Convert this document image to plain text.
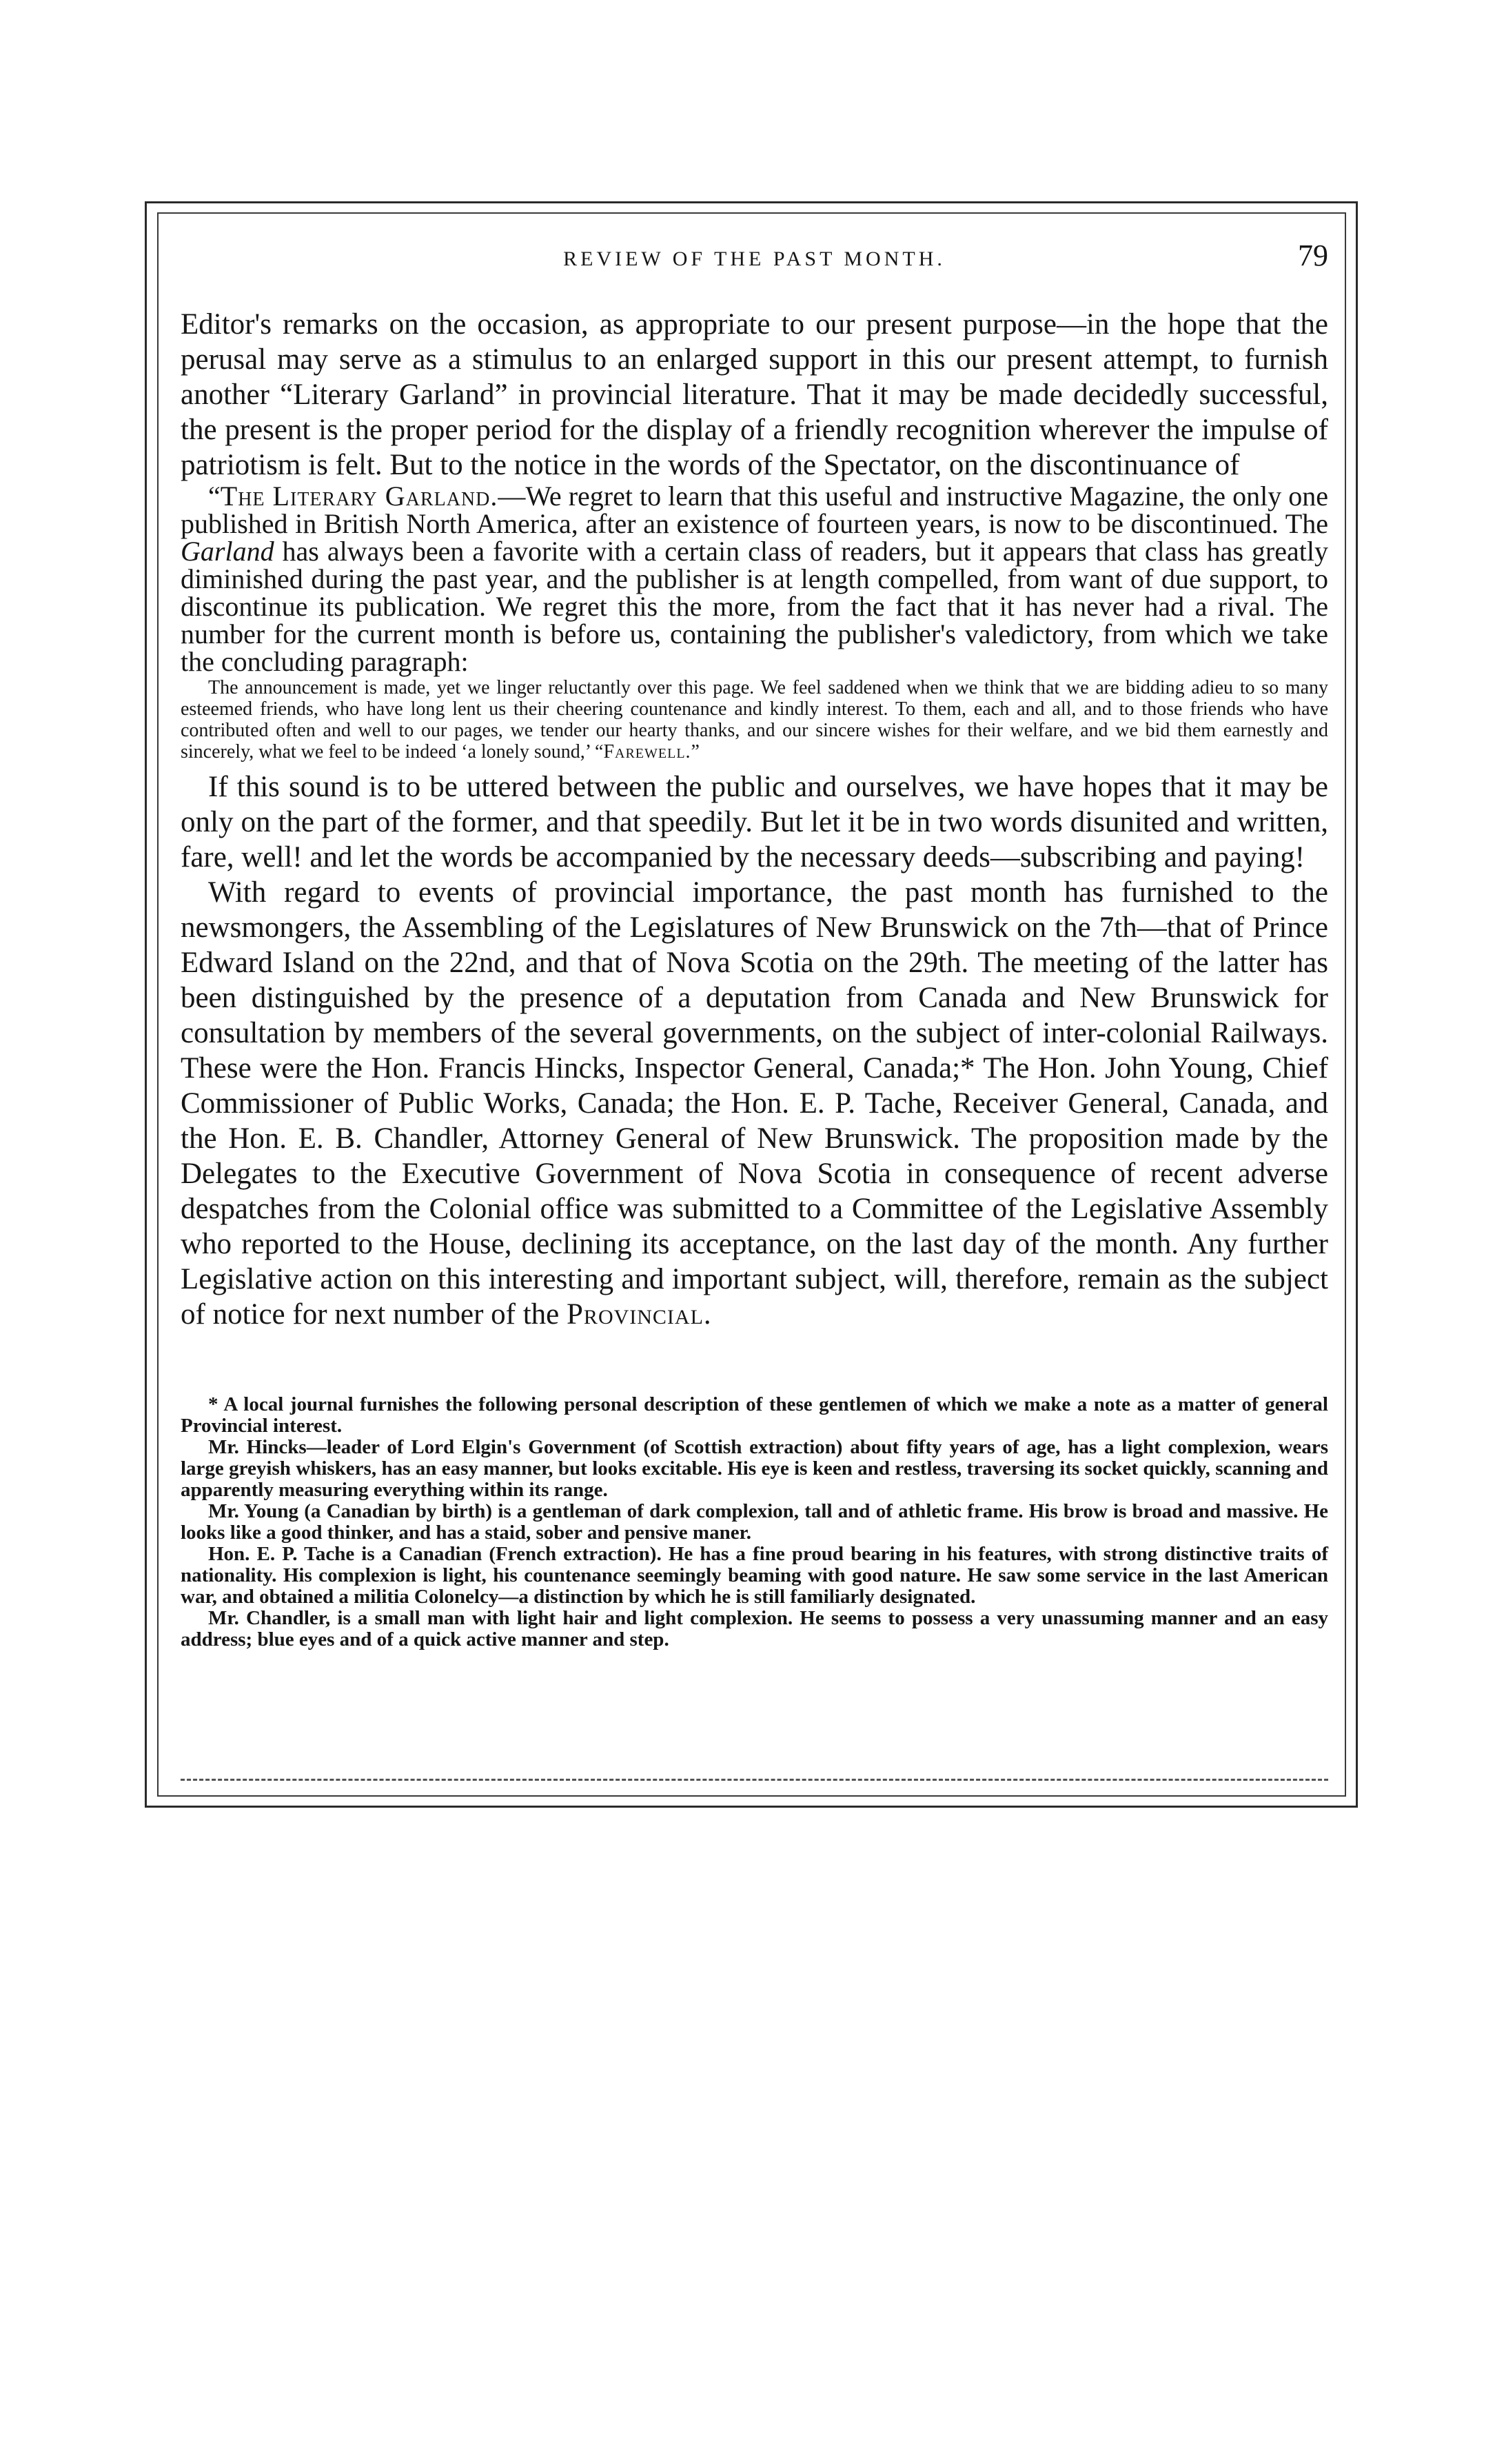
REVIEW OF THE PAST MONTH.	79

Editor's remarks on the occasion, as appropriate to our present purpose—in the hope that the perusal may serve as a stimulus to an enlarged support in this our present attempt, to furnish another “Literary Garland” in provincial literature. That it may be made decidedly successful, the present is the proper period for the display of a friendly recognition wherever the impulse of patriotism is felt. But to the notice in the words of the Spectator, on the discontinuance of

“The Literary Garland.—We regret to learn that this useful and instructive Magazine, the only one published in British North America, after an existence of fourteen years, is now to be discontinued. The Garland has always been a favorite with a certain class of readers, but it appears that class has greatly diminished during the past year, and the publisher is at length compelled, from want of due support, to discontinue its publication. We regret this the more, from the fact that it has never had a rival. The number for the current month is before us, containing the publisher's valedictory, from which we take the concluding paragraph:

The announcement is made, yet we linger reluctantly over this page. We feel saddened when we think that we are bidding adieu to so many esteemed friends, who have long lent us their cheering countenance and kindly interest. To them, each and all, and to those friends who have contributed often and well to our pages, we tender our hearty thanks, and our sincere wishes for their welfare, and we bid them earnestly and sincerely, what we feel to be indeed ‘a lonely sound,’ “Farewell.”

If this sound is to be uttered between the public and ourselves, we have hopes that it may be only on the part of the former, and that speedily. But let it be in two words disunited and written, fare, well! and let the words be accompanied by the necessary deeds—subscribing and paying!

With regard to events of provincial importance, the past month has furnished to the newsmongers, the Assembling of the Legislatures of New Brunswick on the 7th—that of Prince Edward Island on the 22nd, and that of Nova Scotia on the 29th. The meeting of the latter has been distinguished by the presence of a deputation from Canada and New Brunswick for consultation by members of the several governments, on the subject of inter-colonial Railways. These were the Hon. Francis Hincks, Inspector General, Canada;* The Hon. John Young, Chief Commissioner of Public Works, Canada; the Hon. E. P. Tache, Receiver General, Canada, and the Hon. E. B. Chandler, Attorney General of New Brunswick. The proposition made by the Delegates to the Executive Government of Nova Scotia in consequence of recent adverse despatches from the Colonial office was submitted to a Committee of the Legislative Assembly who reported to the House, declining its acceptance, on the last day of the month. Any further Legislative action on this interesting and important subject, will, therefore, remain as the subject of notice for next number of the Provincial.

* A local journal furnishes the following personal description of these gentlemen of which we make a note as a matter of general Provincial interest.

Mr. Hincks—leader of Lord Elgin's Government (of Scottish extraction) about fifty years of age, has a light complexion, wears large greyish whiskers, has an easy manner, but looks excitable. His eye is keen and restless, traversing its socket quickly, scanning and apparently measuring everything within its range.

Mr. Young (a Canadian by birth) is a gentleman of dark complexion, tall and of athletic frame. His brow is broad and massive. He looks like a good thinker, and has a staid, sober and pensive maner.

Hon. E. P. Tache is a Canadian (French extraction). He has a fine proud bearing in his features, with strong distinctive traits of nationality. His complexion is light, his countenance seemingly beaming with good nature. He saw some service in the last American war, and obtained a militia Colonelcy—a distinction by which he is still familiarly designated.

Mr. Chandler, is a small man with light hair and light complexion. He seems to possess a very unassuming manner and an easy address; blue eyes and of a quick active manner and step.
